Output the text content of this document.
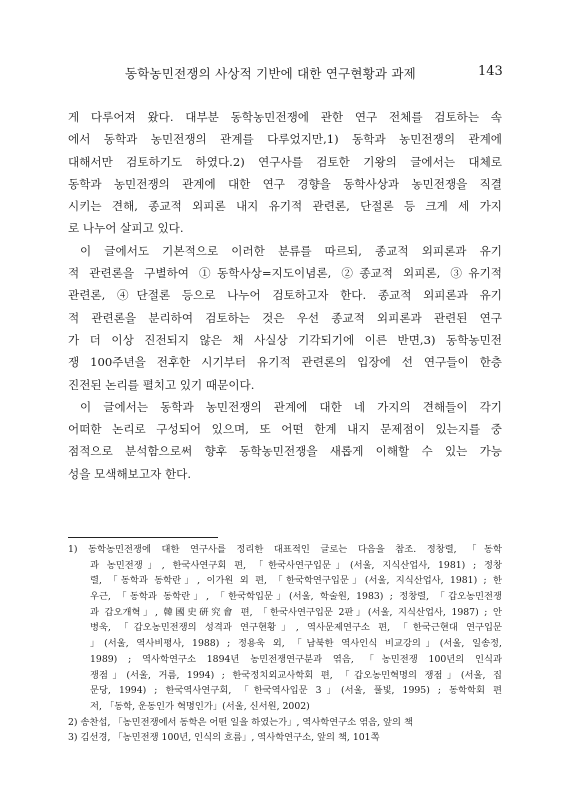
동학농민전쟁의 사상적 기반에 대한 연구현황과 과제	143
게 다루어져 왔다. 대부분 동학농민전쟁에 관한 연구 전체를 검토하는 속
에서 동학과 농민전쟁의 관계를 다루었지만,1) 동학과 농민전쟁의 관계에
대해서만 검토하기도 하였다.2) 연구사를 검토한 기왕의 글에서는 대체로
동학과 농민전쟁의 관계에 대한 연구 경향을 동학사상과 농민전쟁을 직결
시키는 견해, 종교적 외피론 내지 유기적 관련론, 단절론 등 크게 세 가지
로 나누어 살피고 있다.
이 글에서도 기본적으로 이러한 분류를 따르되, 종교적 외피론과 유기
적 관련론을 구별하여 ①동학사상=지도이념론, ②종교적 외피론, ③유기적
관련론, ④단절론 등으로 나누어 검토하고자 한다. 종교적 외피론과 유기
적 관련론을 분리하여 검토하는 것은 우선 종교적 외피론과 관련된 연구
가 더 이상 진전되지 않은 채 사실상 기각되기에 이른 반면,3) 동학농민전
쟁 100주년을 전후한 시기부터 유기적 관련론의 입장에 선 연구들이 한층
진전된 논리를 펼치고 있기 때문이다.
이 글에서는 동학과 농민전쟁의 관계에 대한 네 가지의 견해들이 각기
어떠한 논리로 구성되어 있으며, 또 어떤 한계 내지 문제점이 있는지를 중
점적으로 분석함으로써 향후 동학농민전쟁을 새롭게 이해할 수 있는 가능
성을 모색해보고자 한다.
1) 동학농민전쟁에 대한 연구사를 정리한 대표적인 글로는 다음을 참조. 정창렬, 「동학
과 농민전쟁」, 한국사연구회 편, 「한국사연구입문」(서울, 지식산업사, 1981) ; 정창
렬, 「동학과 동학란」, 이가원 외 편, 「한국학연구입문」(서울, 지식산업사, 1981) ; 한
우근, 「동학과 동학란」, 「한국학입문」(서울, 학술원, 1983) ; 정창렬, 「갑오농민전쟁
과 갑오개혁」, 韓國史硏究會 편, 「한국사연구입문 2판」(서울, 지식산업사, 1987) ; 안
병욱, 「갑오농민전쟁의 성격과 연구현황」, 역사문제연구소 편, 「한국근현대 연구입문
」(서울, 역사비평사, 1988) ; 정용욱 외, 「남북한 역사인식 비교강의」(서울, 일송정,
1989) ; 역사학연구소 1894년 농민전쟁연구분과 엮음, 「농민전쟁 100년의 인식과
쟁점」(서울, 거름, 1994) ; 한국정치외교사학회 편, 「갑오농민혁명의 쟁점」(서울, 집
문당, 1994) ; 한국역사연구회, 「한국역사입문 3」(서울, 풀빛, 1995) ; 동학학회 편
저, 「동학, 운동인가 혁명인가」(서울, 신서원, 2002)
2) 송찬섭, 「농민전쟁에서 동학은 어떤 일을 하였는가」, 역사학연구소 엮음, 앞의 책
3) 김선경, 「농민전쟁 100년, 인식의 흐름」, 역사학연구소, 앞의 책, 101쪽
